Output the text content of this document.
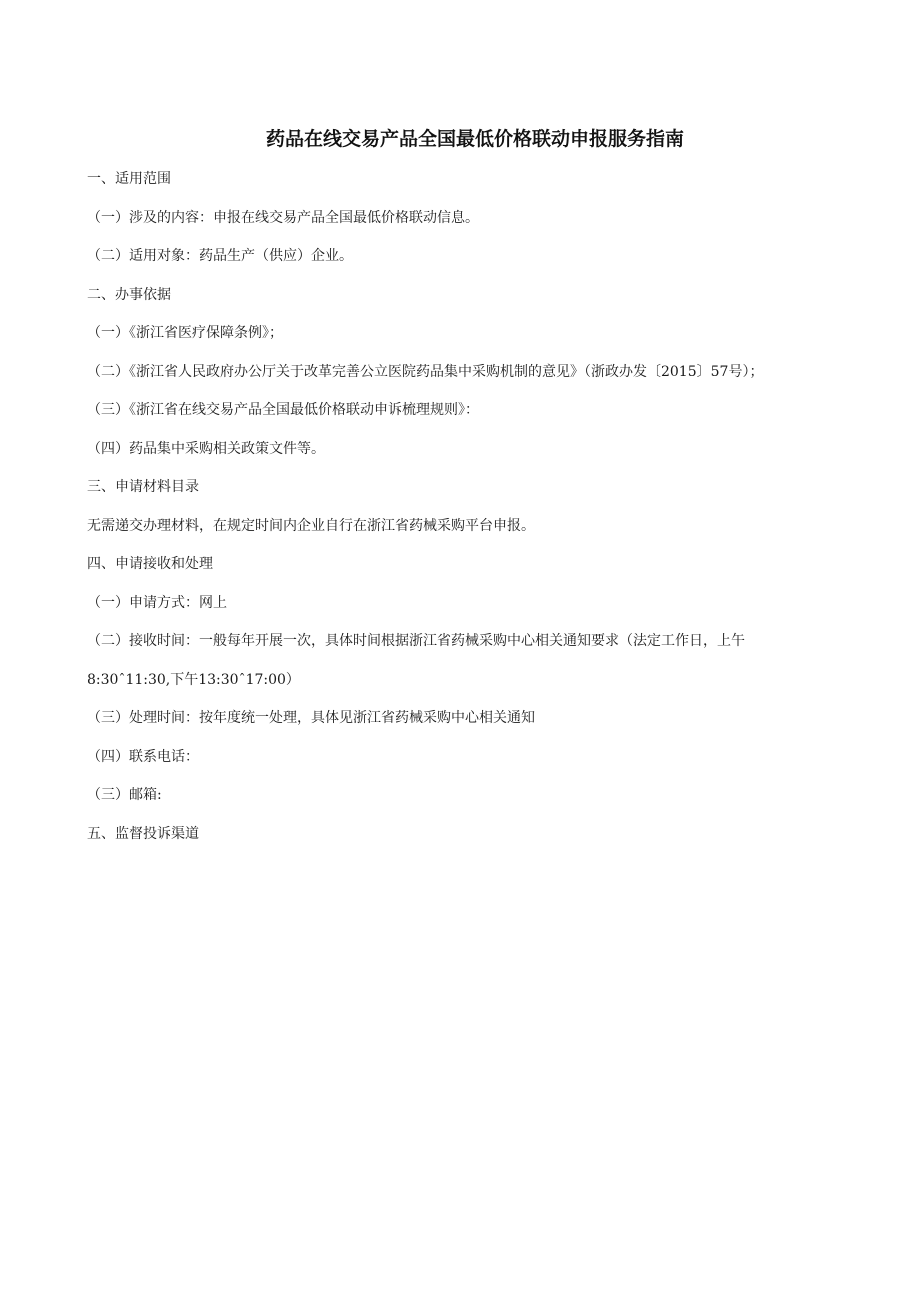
药品在线交易产品全国最低价格联动申报服务指南
一、适用范围
（一）涉及的内容：申报在线交易产品全国最低价格联动信息。
（二）适用对象：药品生产（供应）企业。
二、办事依据
（一）《浙江省医疗保障条例》；
（二）《浙江省人民政府办公厅关于改革完善公立医院药品集中采购机制的意见》（浙政办发〔2015〕57号）；
（三）《浙江省在线交易产品全国最低价格联动申诉梳理规则》：
（四）药品集中采购相关政策文件等。
三、申请材料目录
无需递交办理材料，在规定时间内企业自行在浙江省药械采购平台申报。
四、申请接收和处理
（一）申请方式：网上
（二）接收时间：一般每年开展一次，具体时间根据浙江省药械采购中心相关通知要求（法定工作日，上午
8:30ˆ11:30,下午13:30ˆ17:00）
（三）处理时间：按年度统一处理，具体见浙江省药械采购中心相关通知
（四）联系电话：
（三）邮箱:
五、监督投诉渠道
